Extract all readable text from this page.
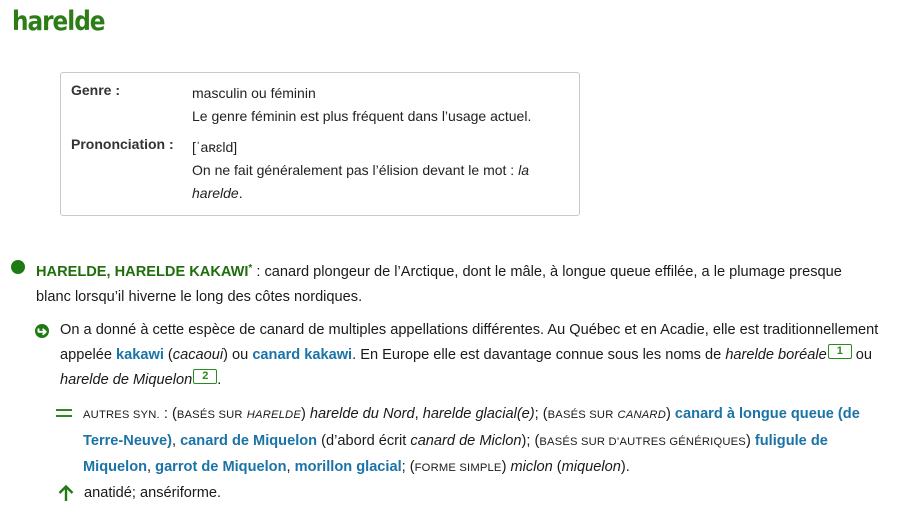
harelde
Genre :	masculin ou féminin
Le genre féminin est plus fréquent dans l’usage actuel.
Prononciation : [ˈaʀɛld]
On ne fait généralement pas l’élision devant le mot : la harelde.
HARELDE, HARELDE KAKAWI* : canard plongeur de l’Arctique, dont le mâle, à longue queue effilée, a le plumage presque blanc lorsqu’il hiverne le long des côtes nordiques.
On a donné à cette espèce de canard de multiples appellations différentes. Au Québec et en Acadie, elle est traditionnellement appelée kakawi (cacaoui) ou canard kakawi. En Europe elle est davantage connue sous les noms de harelde boréale 1 ou harelde de Miquelon 2 .
AUTRES SYN. : (BASÉS SUR HARELDE) harelde du Nord, harelde glacial(e); (BASÉS SUR CANARD) canard à longue queue (de Terre-Neuve), canard de Miquelon (d’abord écrit canard de Miclon); (BASÉS SUR D’AUTRES GÉNÉRIQUES) fuligule de Miquelon, garrot de Miquelon, morillon glacial; (FORME SIMPLE) miclon (miquelon).
anatidé; ansériforme.
